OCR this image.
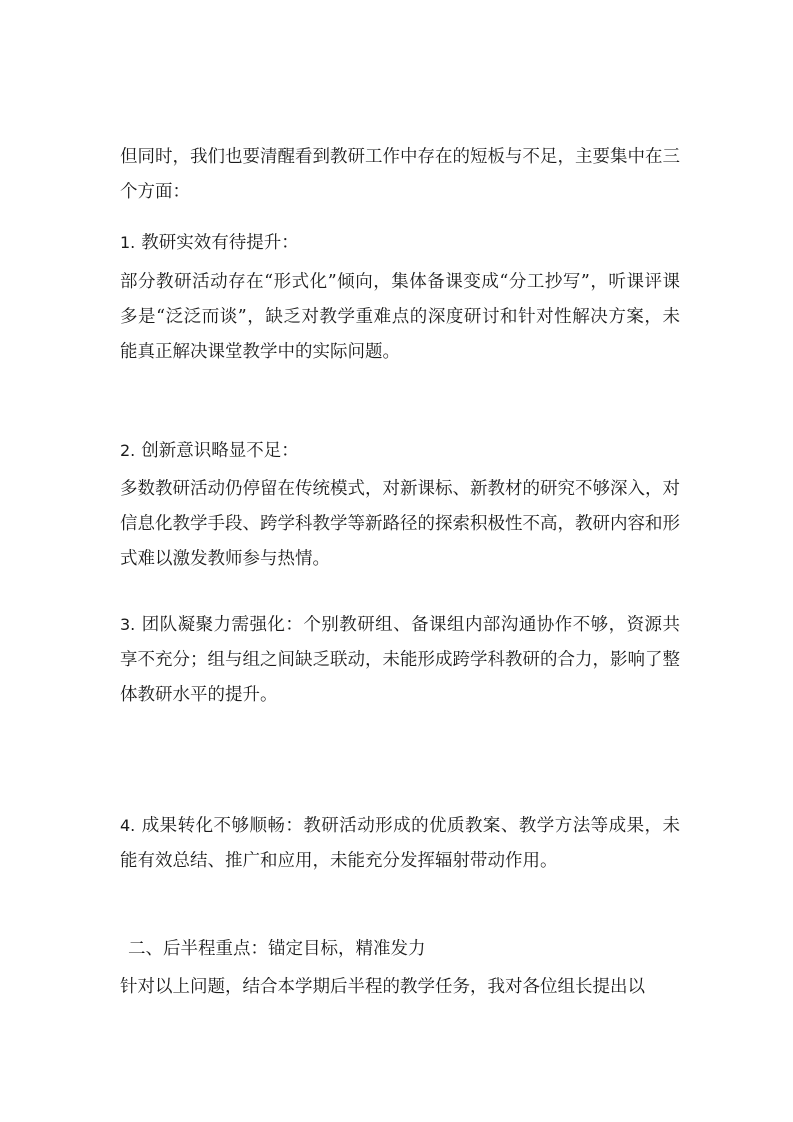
但同时，我们也要清醒看到教研工作中存在的短板与不足，主要集中在三个方面：

1. 教研实效有待提升：

部分教研活动存在“形式化”倾向，集体备课变成“分工抄写”，听课评课多是“泛泛而谈”，缺乏对教学重难点的深度研讨和针对性解决方案，未能真正解决课堂教学中的实际问题。

2. 创新意识略显不足：

多数教研活动仍停留在传统模式，对新课标、新教材的研究不够深入，对信息化教学手段、跨学科教学等新路径的探索积极性不高，教研内容和形式难以激发教师参与热情。

3. 团队凝聚力需强化：个别教研组、备课组内部沟通协作不够，资源共享不充分；组与组之间缺乏联动，未能形成跨学科教研的合力，影响了整体教研水平的提升。

4. 成果转化不够顺畅：教研活动形成的优质教案、教学方法等成果，未能有效总结、推广和应用，未能充分发挥辐射带动作用。

二、后半程重点：锚定目标，精准发力

针对以上问题，结合本学期后半程的教学任务，我对各位组长提出以
